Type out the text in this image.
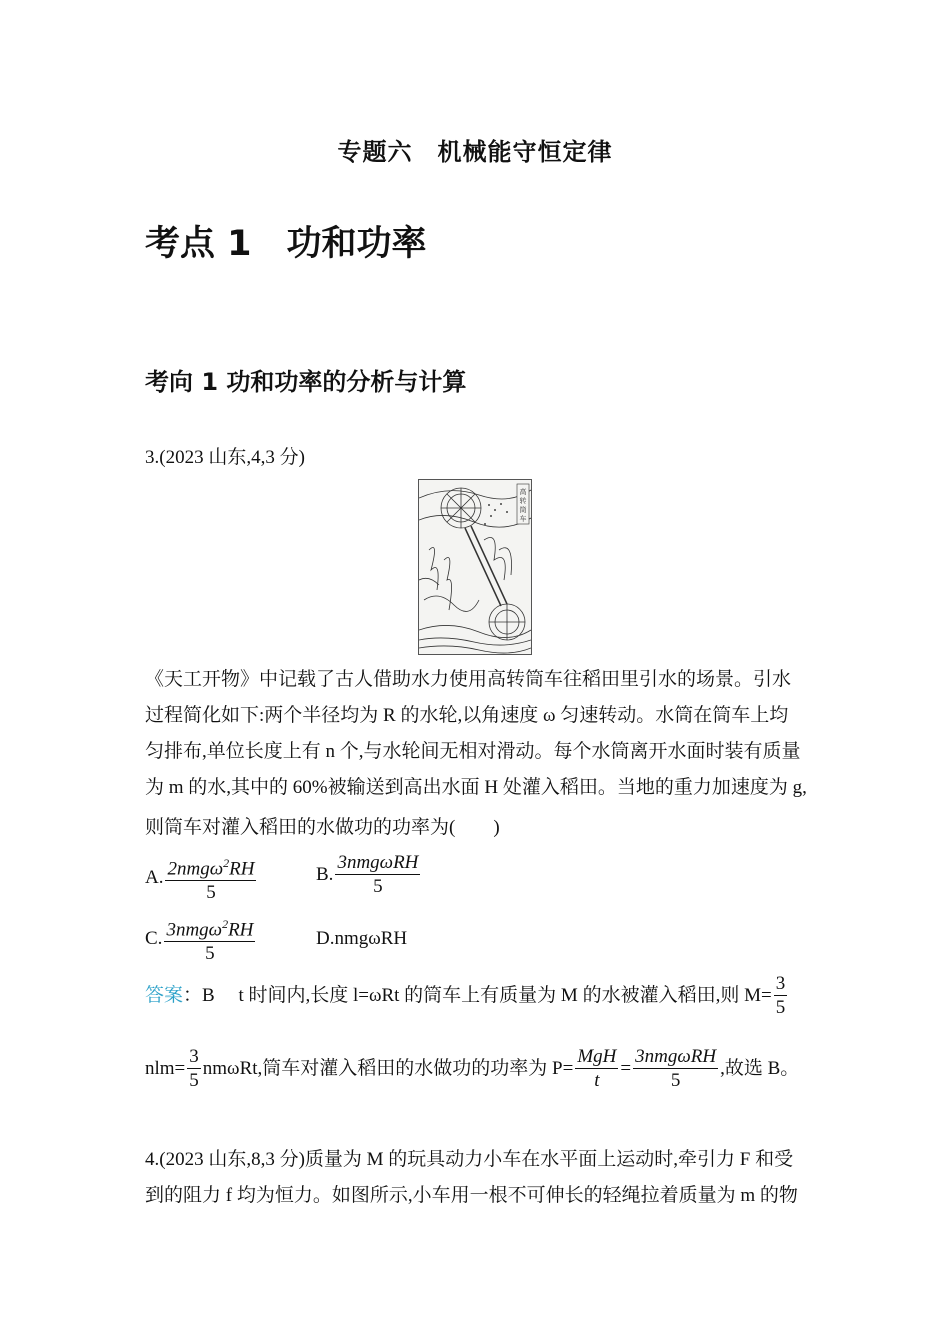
专题六　机械能守恒定律
考点 1　功和功率
考向 1 功和功率的分析与计算
3.(2023 山东,4,3 分)
高
转
筒
车
《天工开物》中记载了古人借助水力使用高转筒车往稻田里引水的场景。引水
过程简化如下:两个半径均为 R 的水轮,以角速度 ω 匀速转动。水筒在筒车上均
匀排布,单位长度上有 n 个,与水轮间无相对滑动。每个水筒离开水面时装有质量
为 m 的水,其中的 60%被输送到高出水面 H 处灌入稻田。当地的重力加速度为 g,
则筒车对灌入稻田的水做功的功率为(　　)
A. $\frac{2nmg\omega^2RH}{5}$	B. $\frac{\text{3nmgωRH}}{5}$
C. $\frac{3nmg\omega^2RH}{5}$	D.nmgωRH
答案：B　 t 时间内,长度 l=ωRt 的筒车上有质量为 M 的水被灌入稻田,则 $M= \frac{3}{5}$
$nlm= \frac{3}{5} nm\omega Rt$,筒车对灌入稻田的水做功的功率为 $P= \frac{\text{MgH}}{t} = \frac{\text{3nmgωRH}}{5}$ ,故选 B。
4.(2023 山东,8,3 分)质量为 M 的玩具动力小车在水平面上运动时,牵引力 F 和受
到的阻力 f 均为恒力。如图所示,小车用一根不可伸长的轻绳拉着质量为 m 的物
